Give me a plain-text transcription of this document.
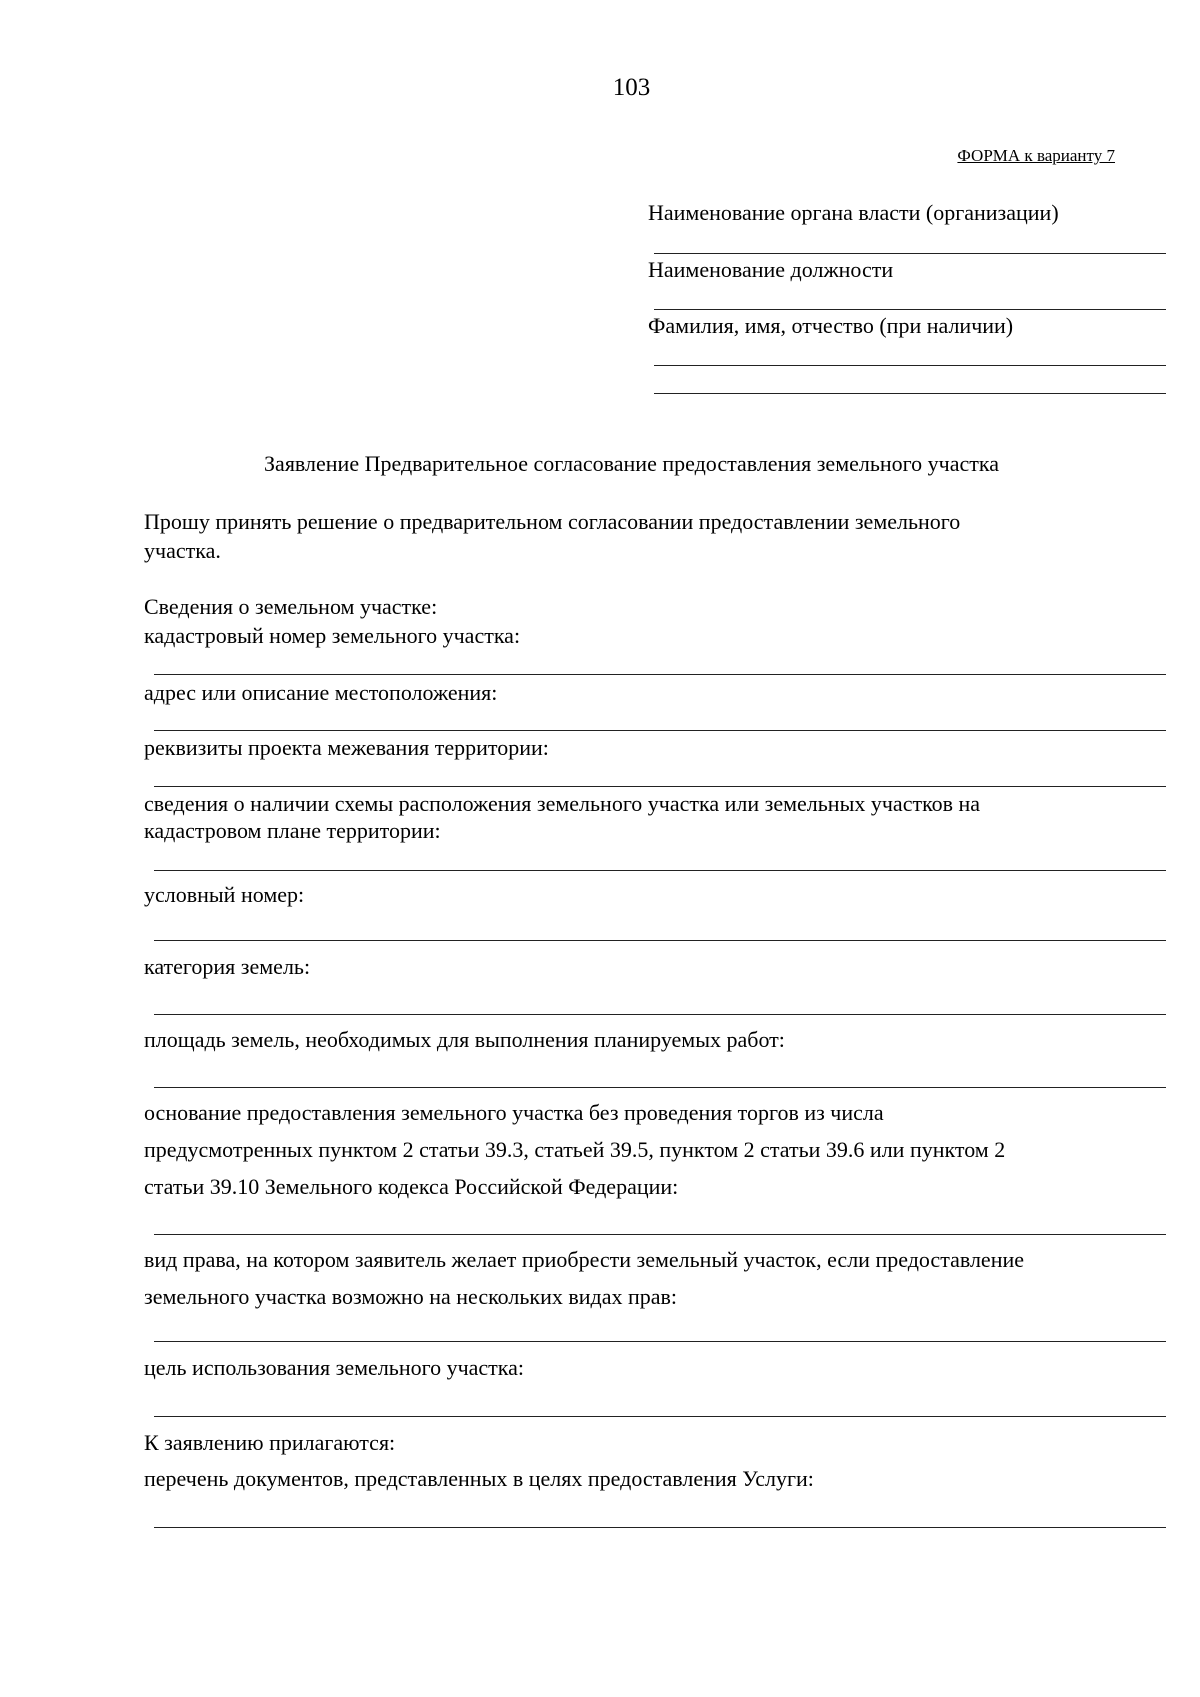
103
ФОРМА к варианту 7
Наименование органа власти (организации)
Наименование должности
Фамилия, имя, отчество (при наличии)
Заявление Предварительное согласование предоставления земельного участка
Прошу принять решение о предварительном согласовании предоставлении земельного
участка.
Сведения о земельном участке:
кадастровый номер земельного участка:
адрес или описание местоположения:
реквизиты проекта межевания территории:
сведения о наличии схемы расположения земельного участка или земельных участков на
кадастровом плане территории:
условный номер:
категория земель:
площадь земель, необходимых для выполнения планируемых работ:
основание предоставления земельного участка без проведения торгов из числа
предусмотренных пунктом 2 статьи 39.3, статьей 39.5, пунктом 2 статьи 39.6 или пунктом 2
статьи 39.10 Земельного кодекса Российской Федерации:
вид права, на котором заявитель желает приобрести земельный участок, если предоставление
земельного участка возможно на нескольких видах прав:
цель использования земельного участка:
К заявлению прилагаются:
перечень документов, представленных в целях предоставления Услуги:
